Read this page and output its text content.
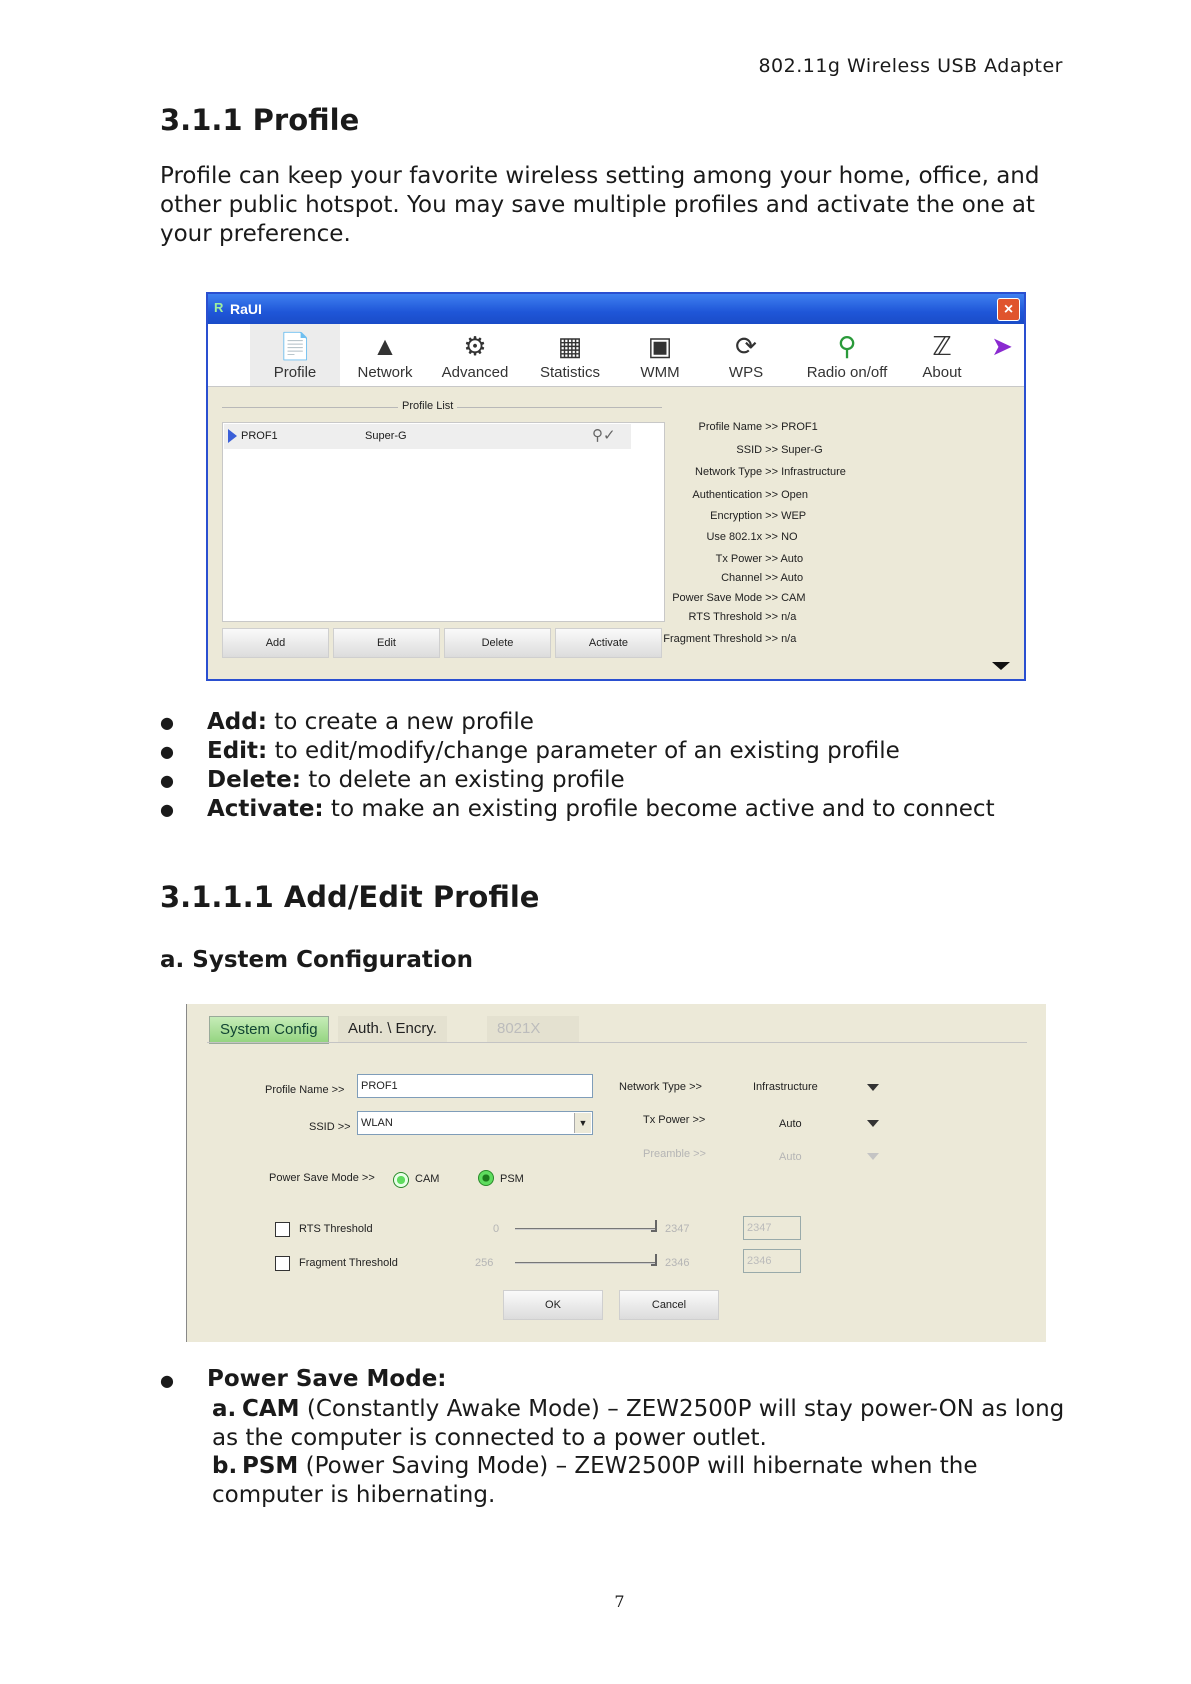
802.11g Wireless USB Adapter
3.1.1 Profile
Profile can keep your favorite wireless setting among your home, office, and other public hotspot. You may save multiple profiles and activate the one at your preference.
R RaUI	×
📄
Profile
▲
Network
⚙
Advanced
▦
Statistics
▣
WMM
⟳
WPS
⚲
Radio on/off
ℤ
About
➤
Profile List
PROF1	Super-G	⚲✓
Add	Edit	Delete	Activate
Profile Name >> PROF1
SSID >> Super-G
Network Type >> Infrastructure
Authentication >> Open
Encryption >> WEP
Use 802.1x >> NO
Tx Power >> Auto
Channel >> Auto
Power Save Mode >> CAM
RTS Threshold >> n/a
Fragment Threshold >> n/a
●	Add: to create a new profile
●	Edit: to edit/modify/change parameter of an existing profile
●	Delete: to delete an existing profile
●	Activate: to make an existing profile become active and to connect
3.1.1.1 Add/Edit Profile
a. System Configuration
System Config	Auth. \ Encry.	8021X
Profile Name >>	PROF1
SSID >> WLAN	▼
Power Save Mode >>	CAM	PSM
RTS Threshold	0	2347	2347
Fragment Threshold	256	2346	2346
Network Type >>	Infrastructure
Tx Power >>	Auto
Preamble >>	Auto
OK	Cancel
● Power Save Mode:
a. CAM (Constantly Awake Mode) – ZEW2500P will stay power-ON as long as the computer is connected to a power outlet.
b. PSM (Power Saving Mode) – ZEW2500P will hibernate when the computer is hibernating.
7
